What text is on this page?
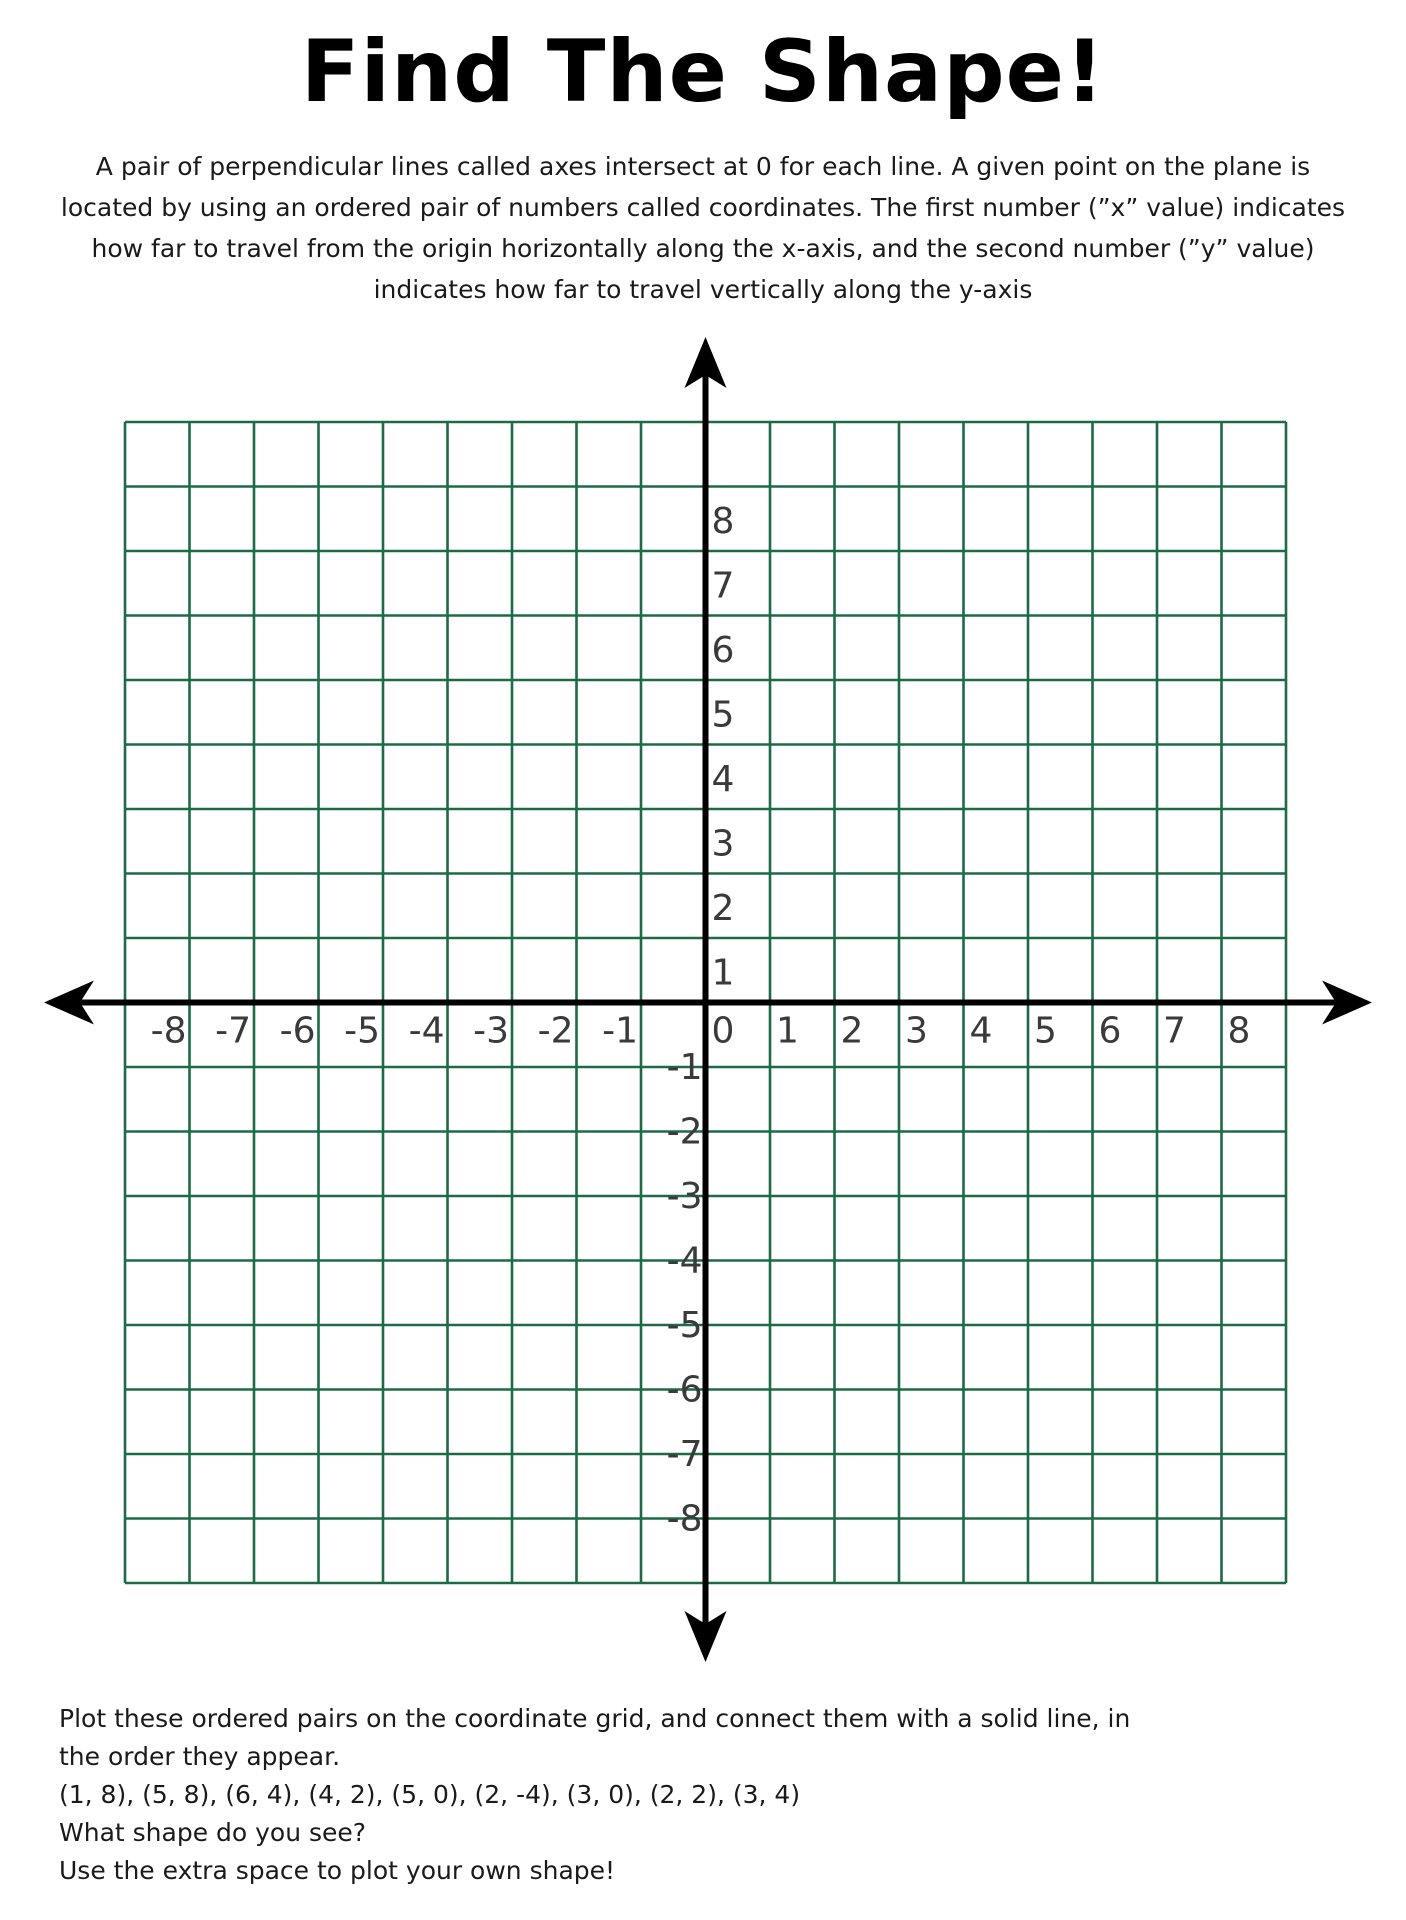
Find The Shape!
A pair of perpendicular lines called axes intersect at 0 for each line. A given point on the plane is located by using an ordered pair of numbers called coordinates. The first number (”x” value) indicates how far to travel from the origin horizontally along the x-axis, and the second number (”y” value) indicates how far to travel vertically along the y-axis
-8 -7 -6 -5 -4 -3 -2 -1 0 1 2 3 4 5 6 7 8
8
7
6
5
4
3
2
1
-1
-2
-3
-4
-5
-6
-7
-8
Plot these ordered pairs on the coordinate grid, and connect them with a solid line, in
the order they appear.
(1, 8), (5, 8), (6, 4), (4, 2), (5, 0), (2, -4), (3, 0), (2, 2), (3, 4)
What shape do you see?
Use the extra space to plot your own shape!
